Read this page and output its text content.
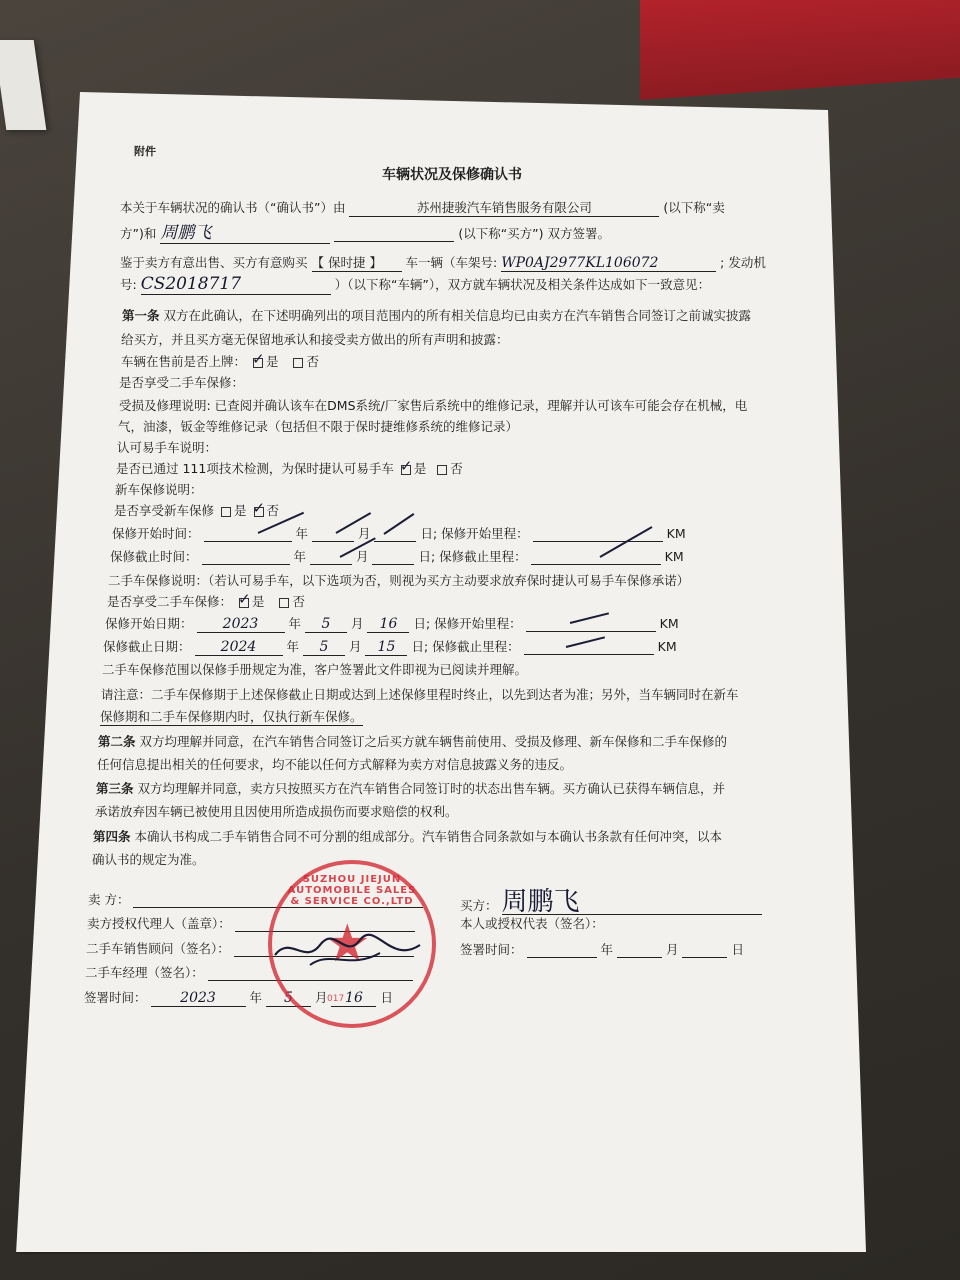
附件
车辆状况及保修确认书
本关于车辆状况的确认书（“确认书”）由	苏州捷骏汽车销售服务有限公司	(以下称“卖
方”)和 周鹏飞	(以下称“买方”) 双方签署。
鉴于卖方有意出售、买方有意购买 【 保时捷 】 车一辆（车架号: WP0AJ2977KL106072	; 发动机
号: CS2018717	）（以下称“车辆”），双方就车辆状况及相关条件达成如下一致意见：
第一条 双方在此确认，在下述明确列出的项目范围内的所有相关信息均已由卖方在汽车销售合同签订之前诚实披露
给买方，并且买方毫无保留地承认和接受卖方做出的所有声明和披露：
车辆在售前是否上牌： ✓ 是 否
是否享受二手车保修：
受损及修理说明: 已查阅并确认该车在DMS系统/厂家售后系统中的维修记录，理解并认可该车可能会存在机械，电
气，油漆，钣金等维修记录（包括但不限于保时捷维修系统的维修记录）
认可易手车说明：
是否已通过 111项技术检测，为保时捷认可易手车 ✓ 是 否
新车保修说明：
是否享受新车保修 是 ✓ 否
保修开始时间：	年	月	日; 保修开始里程：	KM
保修截止时间：	年	月	日; 保修截止里程：	KM
二手车保修说明：（若认可易手车，以下选项为否，则视为买方主动要求放弃保时捷认可易手车保修承诺）
是否享受二手车保修： ✓ 是 否
保修开始日期： 2023 年 5 月 16 日; 保修开始里程：	KM
保修截止日期： 2024 年 5 月 15 日; 保修截止里程：	KM
二手车保修范围以保修手册规定为准，客户签署此文件即视为已阅读并理解。
请注意：二手车保修期于上述保修截止日期或达到上述保修里程时终止，以先到达者为准；另外，当车辆同时在新车
保修期和二手车保修期内时，仅执行新车保修。
第二条 双方均理解并同意，在汽车销售合同签订之后买方就车辆售前使用、受损及修理、新车保修和二手车保修的
任何信息提出相关的任何要求，均不能以任何方式解释为卖方对信息披露义务的违反。
第三条 双方均理解并同意，卖方只按照买方在汽车销售合同签订时的状态出售车辆。买方确认已获得车辆信息，并
承诺放弃因车辆已被使用且因使用所造成损伤而要求赔偿的权利。
第四条 本确认书构成二手车销售合同不可分割的组成部分。汽车销售合同条款如与本确认书条款有任何冲突，以本
确认书的规定为准。
卖 方：
卖方授权代理人（盖章）：
二手车销售顾问（签名）：
二手车经理（签名）：
签署时间： 2023	年 5 月 16 日
买方： 周鹏飞
本人或授权代表（签名）：
签署时间：	年	月	日
SUZHOU JIEJUN AUTOMOBILE SALES & SERVICE CO.,LTD
★
017
